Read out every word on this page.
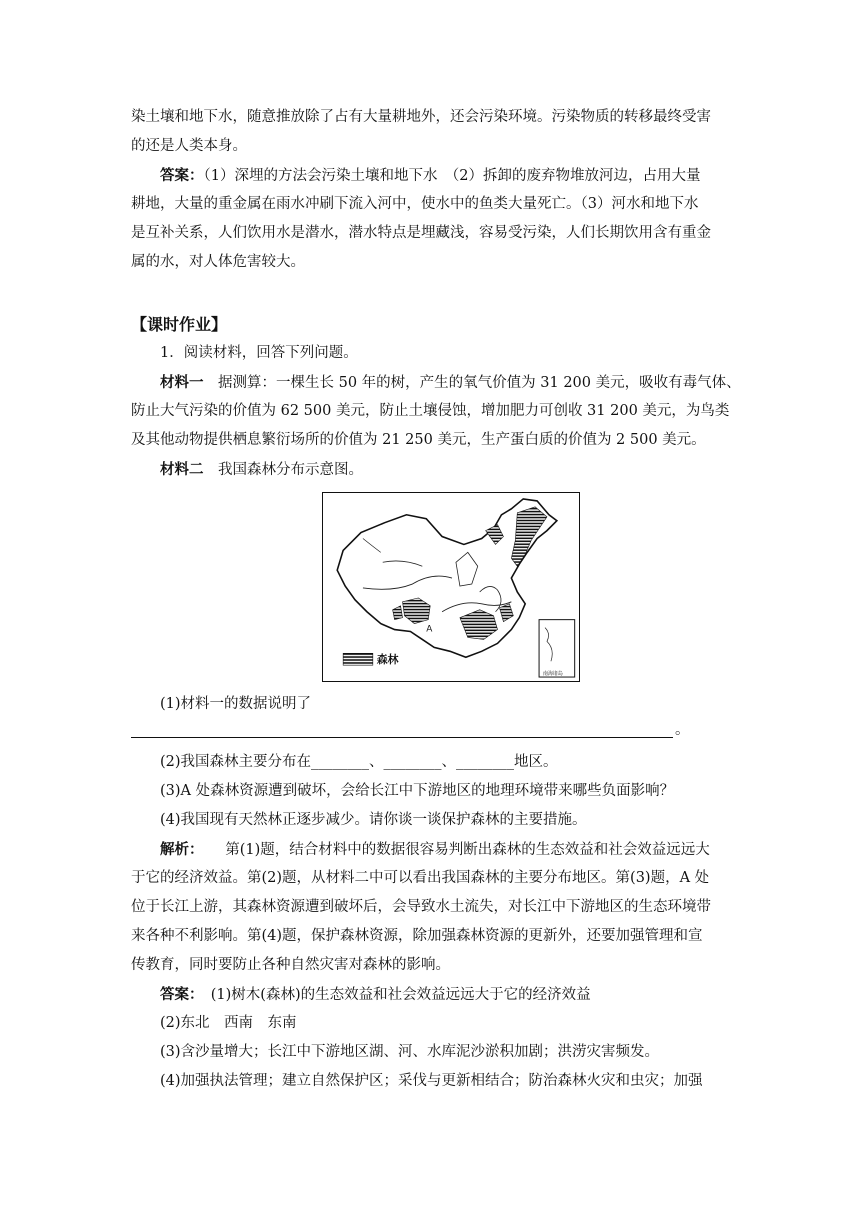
染土壤和地下水，随意推放除了占有大量耕地外，还会污染环境。污染物质的转移最终受害
的还是人类本身。
答案：（1）深埋的方法会污染土壤和地下水　（2）拆卸的废弃物堆放河边，占用大量
耕地，大量的重金属在雨水冲刷下流入河中，使水中的鱼类大量死亡。（3）河水和地下水
是互补关系，人们饮用水是潜水，潜水特点是埋藏浅，容易受污染，人们长期饮用含有重金
属的水，对人体危害较大。
【课时作业】
1．阅读材料，回答下列问题。
材料一　据测算：一棵生长 50 年的树，产生的氧气价值为 31 200 美元，吸收有毒气体、
防止大气污染的价值为 62 500 美元，防止土壤侵蚀，增加肥力可创收 31 200 美元，为鸟类
及其他动物提供栖息繁衍场所的价值为 21 250 美元，生产蛋白质的价值为 2 500 美元。
材料二　我国森林分布示意图。
A
南海诸岛
森林
(1)材料一的数据说明了
。
(2)我国森林主要分布在________、________、________地区。
(3)A 处森林资源遭到破坏，会给长江中下游地区的地理环境带来哪些负面影响？
(4)我国现有天然林正逐步减少。请你谈一谈保护森林的主要措施。
解析：　　第(1)题，结合材料中的数据很容易判断出森林的生态效益和社会效益远远大
于它的经济效益。第(2)题，从材料二中可以看出我国森林的主要分布地区。第(3)题，A 处
位于长江上游，其森林资源遭到破坏后，会导致水土流失，对长江中下游地区的生态环境带
来各种不利影响。第(4)题，保护森林资源，除加强森林资源的更新外，还要加强管理和宣
传教育，同时要防止各种自然灾害对森林的影响。
答案：　(1)树木(森林)的生态效益和社会效益远远大于它的经济效益
(2)东北　西南　东南
(3)含沙量增大；长江中下游地区湖、河、水库泥沙淤积加剧；洪涝灾害频发。
(4)加强执法管理；建立自然保护区；采伐与更新相结合；防治森林火灾和虫灾；加强
